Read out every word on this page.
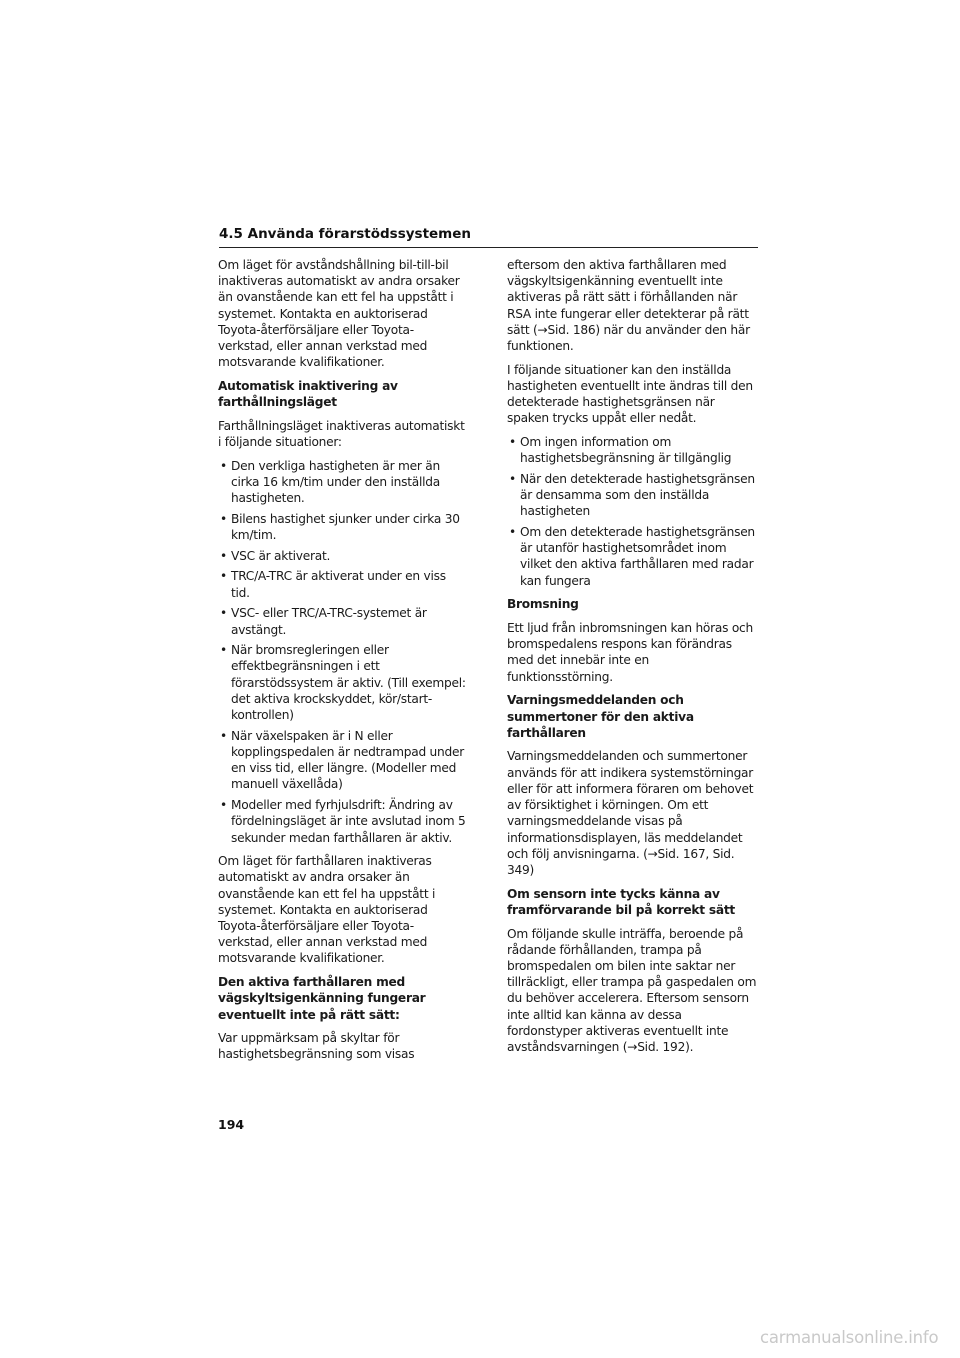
4.5 Använda förarstödssystemen

Om läget för avståndshållning bil-till-bil inaktiveras automatiskt av andra orsaker än ovanstående kan ett fel ha uppstått i systemet. Kontakta en auktoriserad Toyota-återförsäljare eller Toyota-verkstad, eller annan verkstad med motsvarande kvalifikationer.

Automatisk inaktivering av farthållningsläget

Farthållningsläget inaktiveras automatiskt i följande situationer:

• Den verkliga hastigheten är mer än cirka 16 km/tim under den inställda hastigheten.
• Bilens hastighet sjunker under cirka 30 km/tim.
• VSC är aktiverat.
• TRC/A-TRC är aktiverat under en viss tid.
• VSC- eller TRC/A-TRC-systemet är avstängt.
• När bromsregleringen eller effektbegränsningen i ett förarstödssystem är aktiv. (Till exempel: det aktiva krockskyddet, kör/start-kontrollen)
• När växelspaken är i N eller kopplingspedalen är nedtrampad under en viss tid, eller längre. (Modeller med manuell växellåda)
• Modeller med fyrhjulsdrift: Ändring av fördelningsläget är inte avslutad inom 5 sekunder medan farthållaren är aktiv.

Om läget för farthållaren inaktiveras automatiskt av andra orsaker än ovanstående kan ett fel ha uppstått i systemet. Kontakta en auktoriserad Toyota-återförsäljare eller Toyota-verkstad, eller annan verkstad med motsvarande kvalifikationer.

Den aktiva farthållaren med vägskyltsigenkänning fungerar eventuellt inte på rätt sätt:

Var uppmärksam på skyltar för hastighetsbegränsning som visas

eftersom den aktiva farthållaren med vägskyltsigenkänning eventuellt inte aktiveras på rätt sätt i förhållanden när RSA inte fungerar eller detekterar på rätt sätt (→Sid. 186) när du använder den här funktionen.

I följande situationer kan den inställda hastigheten eventuellt inte ändras till den detekterade hastighetsgränsen när spaken trycks uppåt eller nedåt.

• Om ingen information om hastighetsbegränsning är tillgänglig
• När den detekterade hastighetsgränsen är densamma som den inställda hastigheten
• Om den detekterade hastighetsgränsen är utanför hastighetsområdet inom vilket den aktiva farthållaren med radar kan fungera

Bromsning

Ett ljud från inbromsningen kan höras och bromspedalens respons kan förändras med det innebär inte en funktionsstörning.

Varningsmeddelanden och summertoner för den aktiva farthållaren

Varningsmeddelanden och summertoner används för att indikera systemstörningar eller för att informera föraren om behovet av försiktighet i körningen. Om ett varningsmeddelande visas på informationsdisplayen, läs meddelandet och följ anvisningarna. (→Sid. 167, Sid. 349)

Om sensorn inte tycks känna av framförvarande bil på korrekt sätt

Om följande skulle inträffa, beroende på rådande förhållanden, trampa på bromspedalen om bilen inte saktar ner tillräckligt, eller trampa på gaspedalen om du behöver accelerera. Eftersom sensorn inte alltid kan känna av dessa fordonstyper aktiveras eventuellt inte avståndsvarningen (→Sid. 192).

194
carmanualsonline.info
